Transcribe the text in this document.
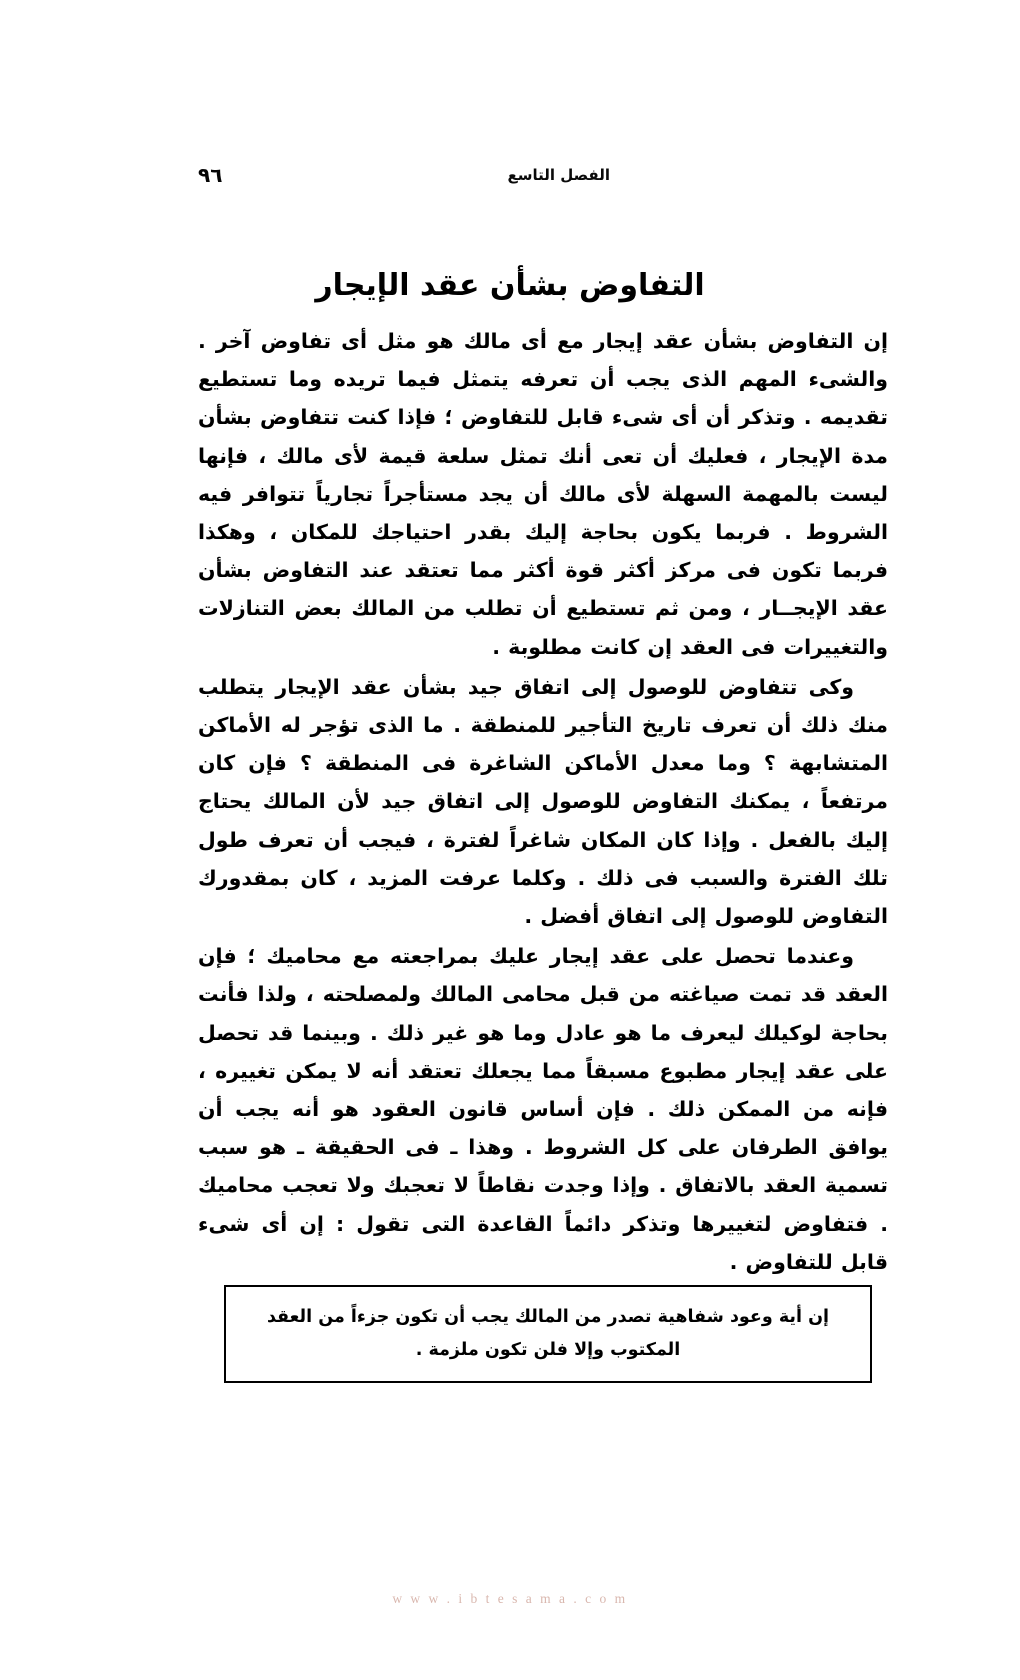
٩٦	الفصل التاسع
التفاوض بشأن عقد الإيجار

إن التفاوض بشأن عقد إيجار مع أى مالك هو مثل أى تفاوض آخر . والشىء المهم الذى يجب أن تعرفه يتمثل فيما تريده وما تستطيع تقديمه . وتذكر أن أى شىء قابل للتفاوض ؛ فإذا كنت تتفاوض بشأن مدة الإيجار ، فعليك أن تعى أنك تمثل سلعة قيمة لأى مالك ، فإنها ليست بالمهمة السهلة لأى مالك أن يجد مستأجراً تجارياً تتوافر فيه الشروط . فربما يكون بحاجة إليك بقدر احتياجك للمكان ، وهكذا فربما تكون فى مركز أكثر قوة أكثر مما تعتقد عند التفاوض بشأن عقد الإيجــار ، ومن ثم تستطيع أن تطلب من المالك بعض التنازلات والتغييرات فى العقد إن كانت مطلوبة .

وكى تتفاوض للوصول إلى اتفاق جيد بشأن عقد الإيجار يتطلب منك ذلك أن تعرف تاريخ التأجير للمنطقة . ما الذى تؤجر له الأماكن المتشابهة ؟ وما معدل الأماكن الشاغرة فى المنطقة ؟ فإن كان مرتفعاً ، يمكنك التفاوض للوصول إلى اتفاق جيد لأن المالك يحتاج إليك بالفعل . وإذا كان المكان شاغراً لفترة ، فيجب أن تعرف طول تلك الفترة والسبب فى ذلك . وكلما عرفت المزيد ، كان بمقدورك التفاوض للوصول إلى اتفاق أفضل .

وعندما تحصل على عقد إيجار عليك بمراجعته مع محاميك ؛ فإن العقد قد تمت صياغته من قبل محامى المالك ولمصلحته ، ولذا فأنت بحاجة لوكيلك ليعرف ما هو عادل وما هو غير ذلك . وبينما قد تحصل على عقد إيجار مطبوع مسبقاً مما يجعلك تعتقد أنه لا يمكن تغييره ، فإنه من الممكن ذلك . فإن أساس قانون العقود هو أنه يجب أن يوافق الطرفان على كل الشروط . وهذا ـ فى الحقيقة ـ هو سبب تسمية العقد بالاتفاق . وإذا وجدت نقاطاً لا تعجبك ولا تعجب محاميك . فتفاوض لتغييرها وتذكر دائماً القاعدة التى تقول : إن أى شىء قابل للتفاوض .

إن أية وعود شفاهية تصدر من المالك يجب أن تكون جزءاً من العقد المكتوب وإلا فلن تكون ملزمة .

w w w . i b t e s a m a . c o m
